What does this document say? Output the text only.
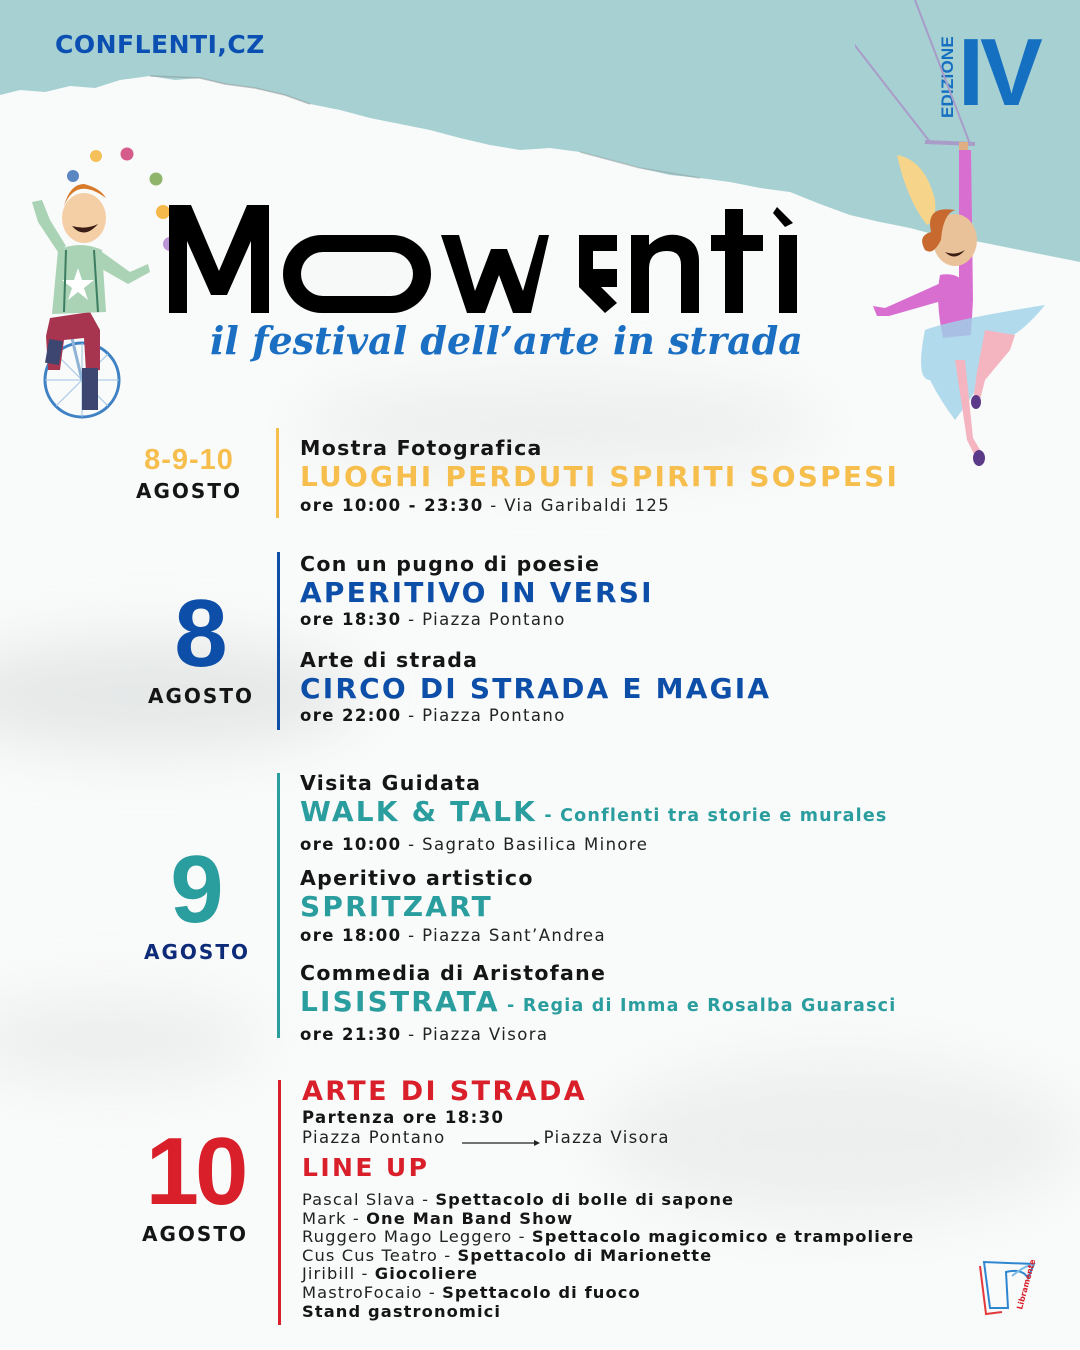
CONFLENTI,CZ	EDIZIONE IV
il festival dell’arte in strada
8-9-10
AGOSTO
Mostra Fotografica
LUOGHI PERDUTI SPIRITI SOSPESI
ore 10:00 - 23:30 - Via Garibaldi 125
8
AGOSTO
Con un pugno di poesie
APERITIVO IN VERSI
ore 18:30 - Piazza Pontano
Arte di strada
CIRCO DI STRADA E MAGIA
ore 22:00 - Piazza Pontano
9
AGOSTO
Visita Guidata
WALK & TALK - Conflenti tra storie e murales
ore 10:00 - Sagrato Basilica Minore
Aperitivo artistico
SPRITZART
ore 18:00 - Piazza Sant’Andrea
Commedia di Aristofane
LISISTRATA - Regia di Imma e Rosalba Guarasci
ore 21:30 - Piazza Visora
10
AGOSTO
ARTE DI STRADA
Partenza ore 18:30
Piazza Pontano	Piazza Visora
LINE UP
Pascal Slava - Spettacolo di bolle di sapone
Mark - One Man Band Show
Ruggero Mago Leggero - Spettacolo magicomico e trampoliere
Cus Cus Teatro - Spettacolo di Marionette
Jiribill - Giocoliere
MastroFocaio - Spettacolo di fuoco
Stand gastronomici
Libramente
